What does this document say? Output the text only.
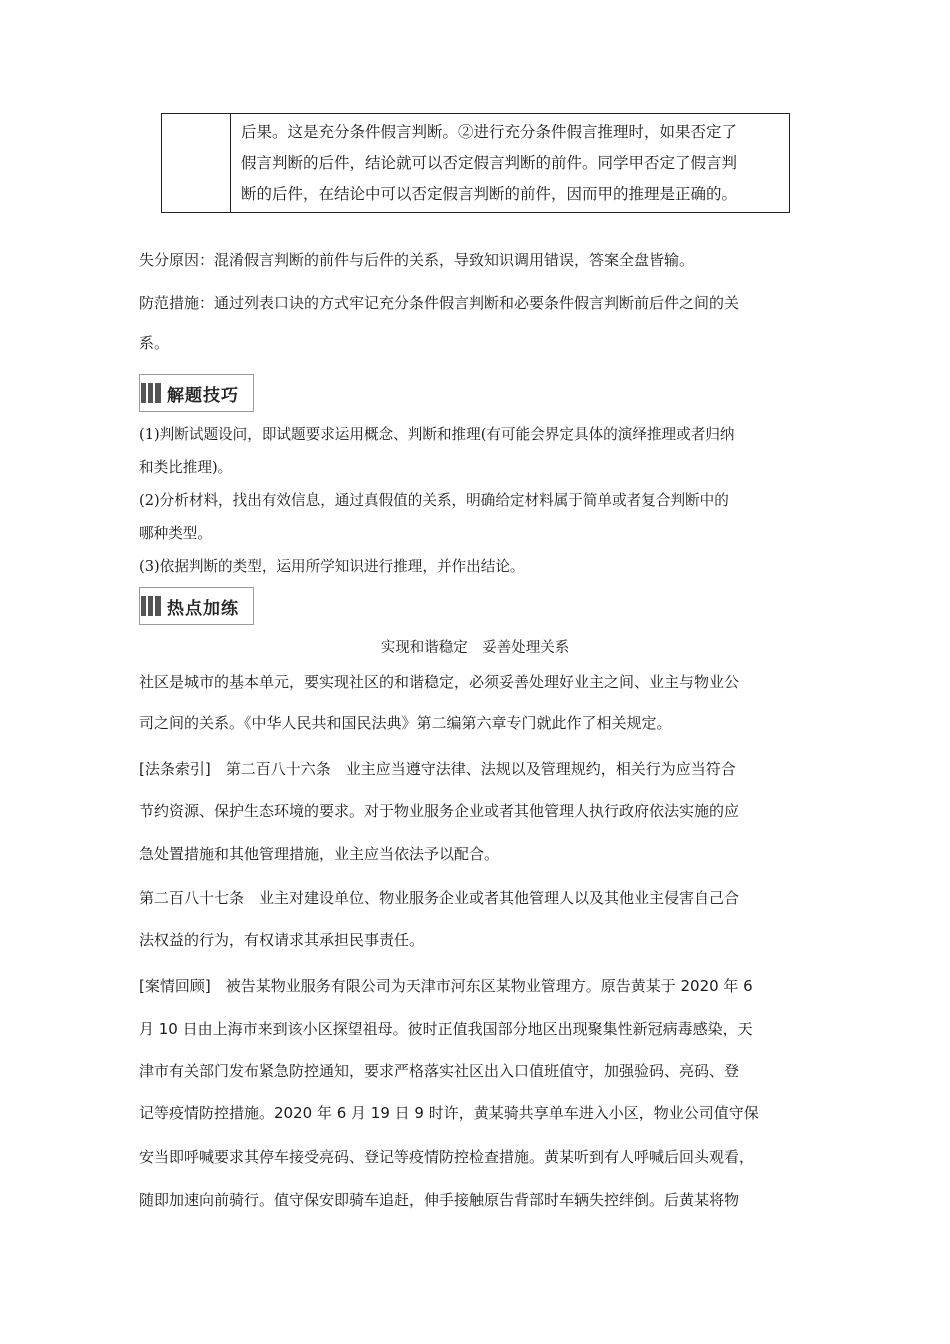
后果。这是充分条件假言判断。②进行充分条件假言推理时，如果否定了
假言判断的后件，结论就可以否定假言判断的前件。同学甲否定了假言判
断的后件，在结论中可以否定假言判断的前件，因而甲的推理是正确的。
失分原因：混淆假言判断的前件与后件的关系，导致知识调用错误，答案全盘皆输。
防范措施：通过列表口诀的方式牢记充分条件假言判断和必要条件假言判断前后件之间的关
系。
解题技巧
(1)判断试题设问，即试题要求运用概念、判断和推理(有可能会界定具体的演绎推理或者归纳
和类比推理)。
(2)分析材料，找出有效信息，通过真假值的关系，明确给定材料属于简单或者复合判断中的
哪种类型。
(3)依据判断的类型，运用所学知识进行推理，并作出结论。
热点加练
实现和谐稳定　妥善处理关系
社区是城市的基本单元，要实现社区的和谐稳定，必须妥善处理好业主之间、业主与物业公
司之间的关系。《中华人民共和国民法典》第二编第六章专门就此作了相关规定。
[法条索引]　第二百八十六条　业主应当遵守法律、法规以及管理规约，相关行为应当符合
节约资源、保护生态环境的要求。对于物业服务企业或者其他管理人执行政府依法实施的应
急处置措施和其他管理措施，业主应当依法予以配合。
第二百八十七条　业主对建设单位、物业服务企业或者其他管理人以及其他业主侵害自己合
法权益的行为，有权请求其承担民事责任。
[案情回顾]　被告某物业服务有限公司为天津市河东区某物业管理方。原告黄某于 2020 年 6
月 10 日由上海市来到该小区探望祖母。彼时正值我国部分地区出现聚集性新冠病毒感染，天
津市有关部门发布紧急防控通知，要求严格落实社区出入口值班值守，加强验码、亮码、登
记等疫情防控措施。2020 年 6 月 19 日 9 时许，黄某骑共享单车进入小区，物业公司值守保
安当即呼喊要求其停车接受亮码、登记等疫情防控检查措施。黄某听到有人呼喊后回头观看，
随即加速向前骑行。值守保安即骑车追赶，伸手接触原告背部时车辆失控绊倒。后黄某将物
